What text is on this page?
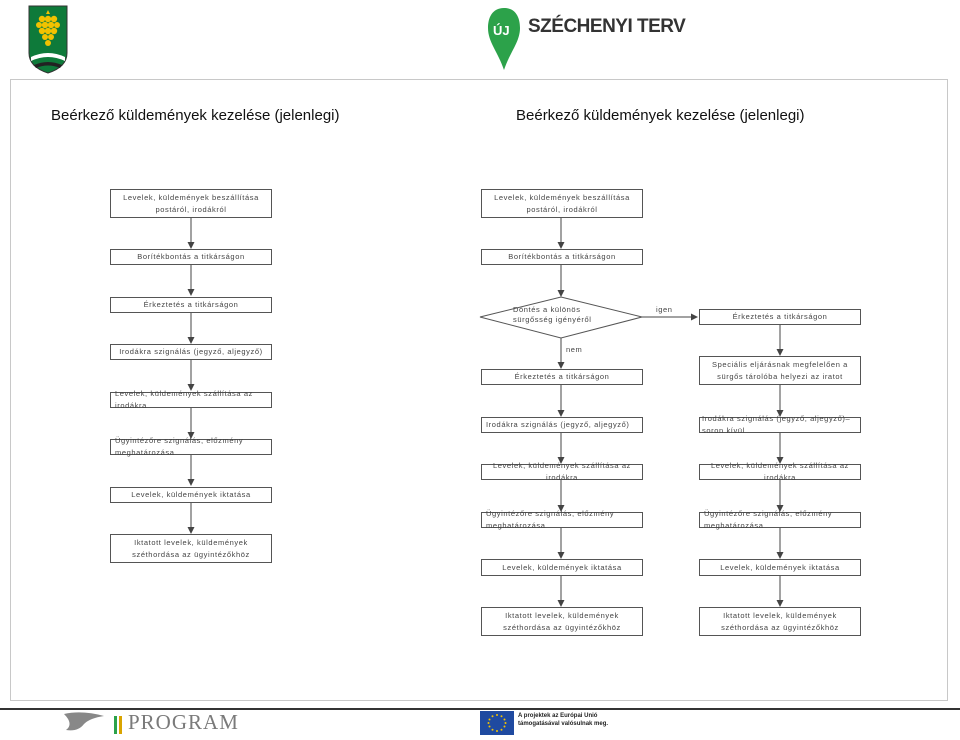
ÚJ SZÉCHENYI TERV
Beérkező küldemények kezelése (jelenlegi)	Beérkező küldemények kezelése (jelenlegi)
Levelek, küldemények beszállítása postáról, irodákról
Borítékbontás a titkárságon
Érkeztetés a titkárságon
Irodákra szignálás (jegyző, aljegyző)
Levelek, küldemények szállítása az irodákra
Ügyintézőre szignálás, előzmény meghatározása
Levelek, küldemények iktatása
Iktatott levelek, küldemények széthordása az ügyintézőkhöz
Levelek, küldemények beszállítása postáról, irodákról
Borítékbontás a titkárságon
Döntés a különös sürgősség igényéről
Érkeztetés a titkárságon
Irodákra szignálás (jegyző, aljegyző)
Levelek, küldemények szállítása az irodákra
Ügyintézőre szignálás, előzmény meghatározása
Levelek, küldemények iktatása
Iktatott levelek, küldemények széthordása az ügyintézőkhöz
igen
nem
Érkeztetés a titkárságon
Speciális eljárásnak megfelelően a sürgős tárolóba helyezi az iratot
Irodákra szignálás (jegyző, aljegyző)–soron kívül
Levelek, küldemények szállítása az irodákra
Ügyintézőre szignálás, előzmény meghatározása
Levelek, küldemények iktatása
Iktatott levelek, küldemények széthordása az ügyintézőkhöz
PROGRAM	A projektek az Európai Unió támogatásával valósulnak meg.
